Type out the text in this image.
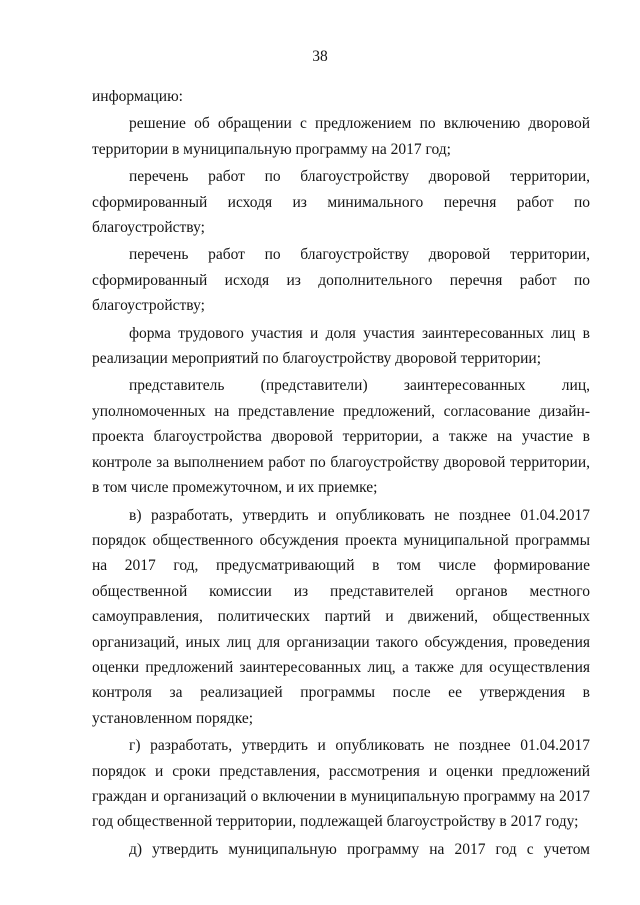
38

информацию:

решение об обращении с предложением по включению дворовой территории в муниципальную программу на 2017 год;

перечень работ по благоустройству дворовой территории, сформированный исходя из минимального перечня работ по благоустройству;

перечень работ по благоустройству дворовой территории, сформированный исходя из дополнительного перечня работ по благоустройству;

форма трудового участия и доля участия заинтересованных лиц в реализации мероприятий по благоустройству дворовой территории;

представитель (представители) заинтересованных лиц, уполномоченных на представление предложений, согласование дизайн-проекта благоустройства дворовой территории, а также на участие в контроле за выполнением работ по благоустройству дворовой территории, в том числе промежуточном, и их приемке;

в) разработать, утвердить и опубликовать не позднее 01.04.2017 порядок общественного обсуждения проекта муниципальной программы на 2017 год, предусматривающий в том числе формирование общественной комиссии из представителей органов местного самоуправления, политических партий и движений, общественных организаций, иных лиц для организации такого обсуждения, проведения оценки предложений заинтересованных лиц, а также для осуществления контроля за реализацией программы после ее утверждения в установленном порядке;

г) разработать, утвердить и опубликовать не позднее 01.04.2017 порядок и сроки представления, рассмотрения и оценки предложений граждан и организаций о включении в муниципальную программу на 2017 год общественной территории, подлежащей благоустройству в 2017 году;

д) утвердить муниципальную программу на 2017 год с учетом
